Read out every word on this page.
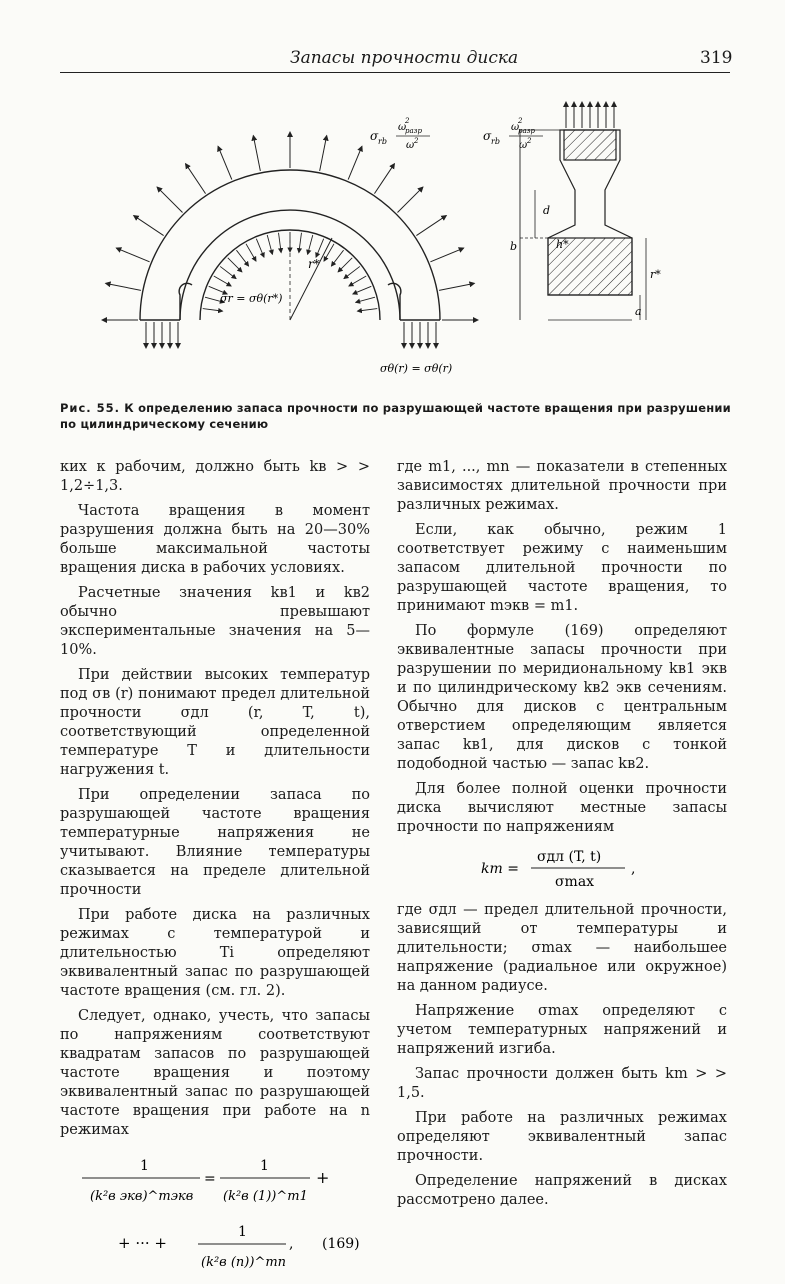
Запасы прочности диска	319
r*
σr = σθ(r*)
σθ(r) = σθ(r)
σ rb
ω
разр
2
ω 2	σ rb
ω
разр
2
ω 2
d
h*
b
r*
a
Рис. 55. К определению запаса прочности по разрушающей частоте вращения при разрушении по цилиндрическому сечению

ких к рабочим, должно быть kв > > 1,2÷1,3.

Частота вращения в момент разрушения должна быть на 20—30% больше максимальной частоты вращения диска в рабочих условиях.

Расчетные значения kв1 и kв2 обычно превышают экспериментальные значения на 5—10%.

При действии высоких температур под σв (r) понимают предел длительной прочности σдл (r, T, t), соответствующий определенной температуре T и длительности нагружения t.

При определении запаса по разрушающей частоте вращения температурные напряжения не учитывают. Влияние температуры сказывается на пределе длительной прочности

При работе диска на различных режимах с температурой и длительностью Ti определяют эквивалентный запас по разрушающей частоте вращения (см. гл. 2).

Следует, однако, учесть, что запасы по напряжениям соответствуют квадратам запасов по разрушающей частоте вращения и поэтому эквивалентный запас по разрушающей частоте вращения при работе на n режимах

1
(k²в экв)^mэкв
=
1
(k²в (1))^m1
+
+ ··· +
1
(k²в (n))^mn
, (169)

где m1, ..., mn — показатели в степенных зависимостях длительной прочности при различных режимах.

Если, как обычно, режим 1 соответствует режиму с наименьшим запасом длительной прочности по разрушающей частоте вращения, то принимают mэкв = m1.

По формуле (169) определяют эквивалентные запасы прочности при разрушении по меридиональному kв1 экв и по цилиндрическому kв2 экв сечениям. Обычно для дисков с центральным отверстием определяющим является запас kв1, для дисков с тонкой подободной частью — запас kв2.

Для более полной оценки прочности диска вычисляют местные запасы прочности по напряжениям

km =
σдл (T, t)
σmax
,

где σдл — предел длительной прочности, зависящий от температуры и длительности; σmax — наибольшее напряжение (радиальное или окружное) на данном радиусе.

Напряжение σmax определяют с учетом температурных напряжений и напряжений изгиба.

Запас прочности должен быть km > > 1,5.

При работе на различных режимах определяют эквивалентный запас прочности.

Определение напряжений в дисках рассмотрено далее.
